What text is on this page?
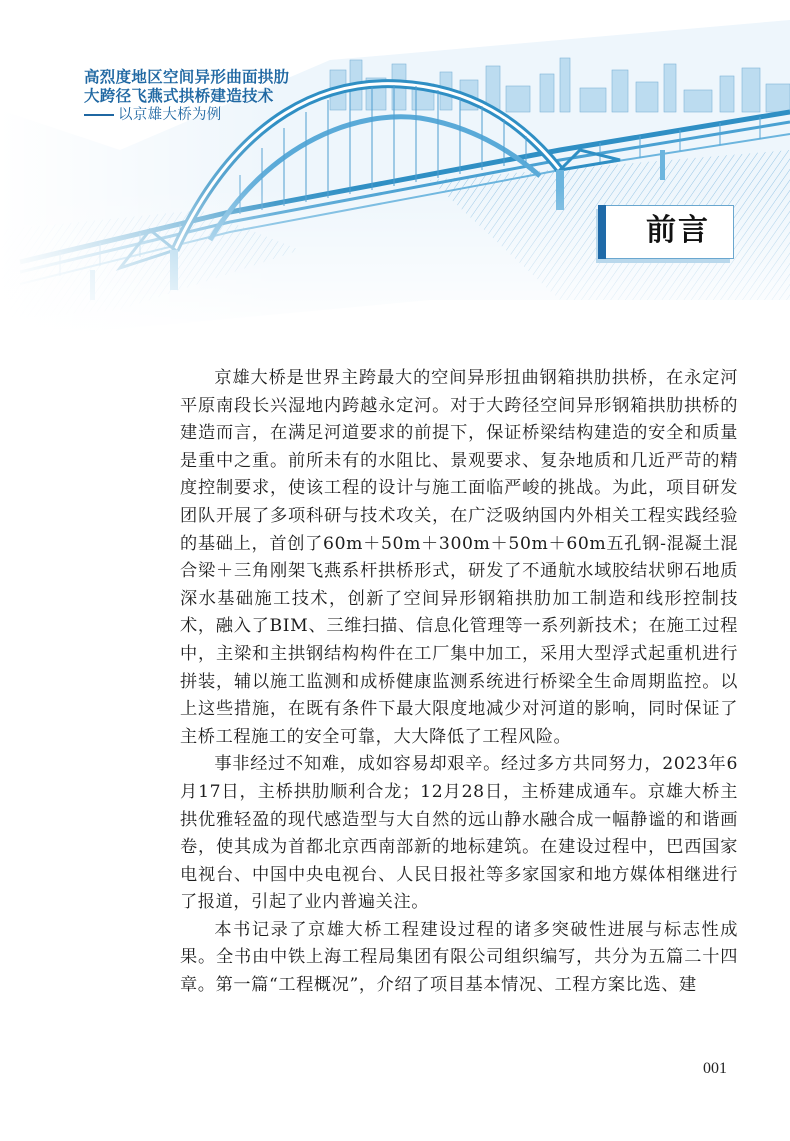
高烈度地区空间异形曲面拱肋
大跨径飞燕式拱桥建造技术
以京雄大桥为例
前言

京雄大桥是世界主跨最大的空间异形扭曲钢箱拱肋拱桥，在永定河平原南段长兴湿地内跨越永定河。对于大跨径空间异形钢箱拱肋拱桥的建造而言，在满足河道要求的前提下，保证桥梁结构建造的安全和质量是重中之重。前所未有的水阻比、景观要求、复杂地质和几近严苛的精度控制要求，使该工程的设计与施工面临严峻的挑战。为此，项目研发团队开展了多项科研与技术攻关，在广泛吸纳国内外相关工程实践经验的基础上，首创了60m＋50m＋300m＋50m＋60m五孔钢-混凝土混合梁＋三角刚架飞燕系杆拱桥形式，研发了不通航水域胶结状卵石地质深水基础施工技术，创新了空间异形钢箱拱肋加工制造和线形控制技术，融入了BIM、三维扫描、信息化管理等一系列新技术；在施工过程中，主梁和主拱钢结构构件在工厂集中加工，采用大型浮式起重机进行拼装，辅以施工监测和成桥健康监测系统进行桥梁全生命周期监控。以上这些措施，在既有条件下最大限度地减少对河道的影响，同时保证了主桥工程施工的安全可靠，大大降低了工程风险。

事非经过不知难，成如容易却艰辛。经过多方共同努力，2023年6月17日，主桥拱肋顺利合龙；12月28日，主桥建成通车。京雄大桥主拱优雅轻盈的现代感造型与大自然的远山静水融合成一幅静谧的和谐画卷，使其成为首都北京西南部新的地标建筑。在建设过程中，巴西国家电视台、中国中央电视台、人民日报社等多家国家和地方媒体相继进行了报道，引起了业内普遍关注。

本书记录了京雄大桥工程建设过程的诸多突破性进展与标志性成果。全书由中铁上海工程局集团有限公司组织编写，共分为五篇二十四章。第一篇“工程概况”，介绍了项目基本情况、工程方案比选、建

001
